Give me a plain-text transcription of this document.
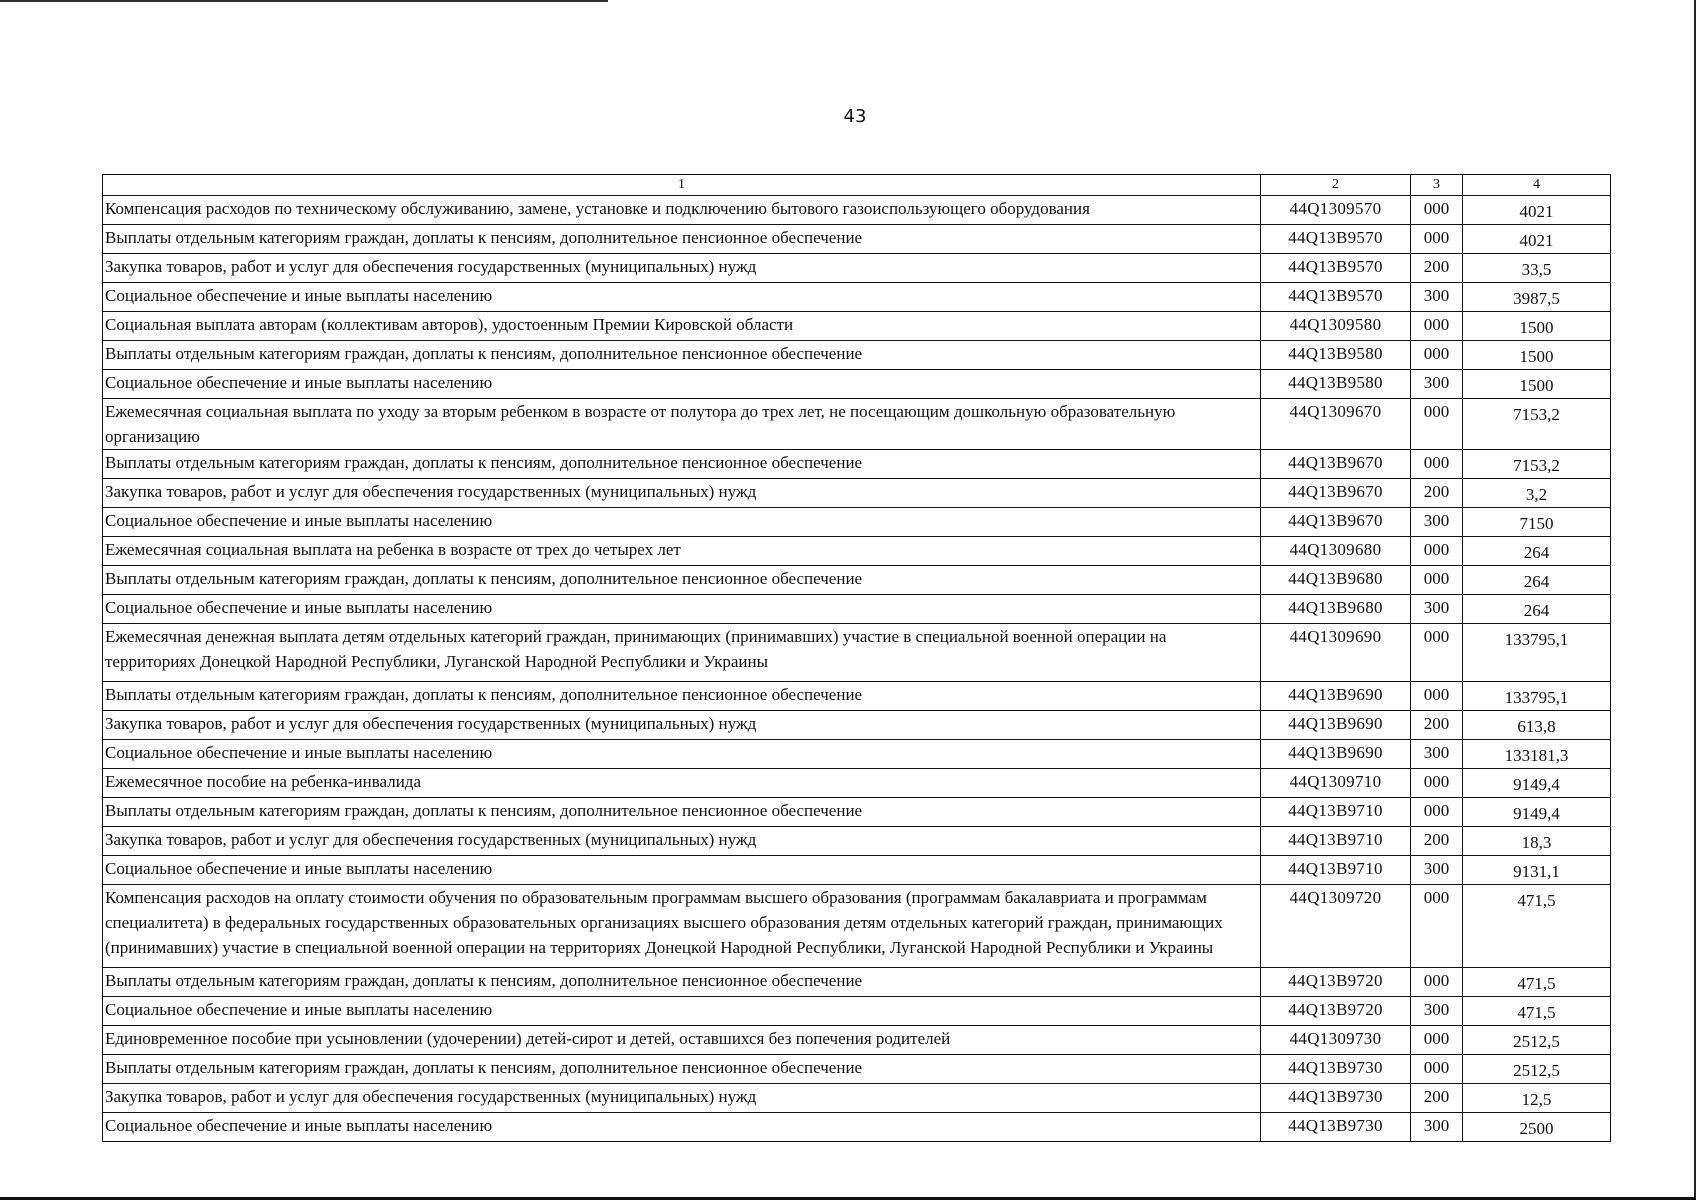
43
1	2	3	4
Компенсация расходов по техническому обслуживанию, замене, установке и подключению бытового газоиспользующего оборудования	44Q1309570	000	4021
Выплаты отдельным категориям граждан, доплаты к пенсиям, дополнительное пенсионное обеспечение	44Q13B9570	000	4021
Закупка товаров, работ и услуг для обеспечения государственных (муниципальных) нужд	44Q13B9570	200	33,5
Социальное обеспечение и иные выплаты населению	44Q13B9570	300	3987,5
Социальная выплата авторам (коллективам авторов), удостоенным Премии Кировской области	44Q1309580	000	1500
Выплаты отдельным категориям граждан, доплаты к пенсиям, дополнительное пенсионное обеспечение	44Q13B9580	000	1500
Социальное обеспечение и иные выплаты населению	44Q13B9580	300	1500
Ежемесячная социальная выплата по уходу за вторым ребенком в возрасте от полутора до трех лет, не посещающим дошкольную образовательную организацию	44Q1309670	000	7153,2
Выплаты отдельным категориям граждан, доплаты к пенсиям, дополнительное пенсионное обеспечение	44Q13B9670	000	7153,2
Закупка товаров, работ и услуг для обеспечения государственных (муниципальных) нужд	44Q13B9670	200	3,2
Социальное обеспечение и иные выплаты населению	44Q13B9670	300	7150
Ежемесячная социальная выплата на ребенка в возрасте от трех до четырех лет	44Q1309680	000	264
Выплаты отдельным категориям граждан, доплаты к пенсиям, дополнительное пенсионное обеспечение	44Q13B9680	000	264
Социальное обеспечение и иные выплаты населению	44Q13B9680	300	264
Ежемесячная денежная выплата детям отдельных категорий граждан, принимающих (принимавших) участие в специальной военной операции на территориях Донецкой Народной Республики, Луганской Народной Республики и Украины	44Q1309690	000	133795,1
Выплаты отдельным категориям граждан, доплаты к пенсиям, дополнительное пенсионное обеспечение	44Q13B9690	000	133795,1
Закупка товаров, работ и услуг для обеспечения государственных (муниципальных) нужд	44Q13B9690	200	613,8
Социальное обеспечение и иные выплаты населению	44Q13B9690	300	133181,3
Ежемесячное пособие на ребенка-инвалида	44Q1309710	000	9149,4
Выплаты отдельным категориям граждан, доплаты к пенсиям, дополнительное пенсионное обеспечение	44Q13B9710	000	9149,4
Закупка товаров, работ и услуг для обеспечения государственных (муниципальных) нужд	44Q13B9710	200	18,3
Социальное обеспечение и иные выплаты населению	44Q13B9710	300	9131,1
Компенсация расходов на оплату стоимости обучения по образовательным программам высшего образования (программам бакалавриата и программам специалитета) в федеральных государственных образовательных организациях высшего образования детям отдельных категорий граждан, принимающих (принимавших) участие в специальной военной операции на территориях Донецкой Народной Республики, Луганской Народной Республики и Украины	44Q1309720	000	471,5
Выплаты отдельным категориям граждан, доплаты к пенсиям, дополнительное пенсионное обеспечение	44Q13B9720	000	471,5
Социальное обеспечение и иные выплаты населению	44Q13B9720	300	471,5
Единовременное пособие при усыновлении (удочерении) детей-сирот и детей, оставшихся без попечения родителей	44Q1309730	000	2512,5
Выплаты отдельным категориям граждан, доплаты к пенсиям, дополнительное пенсионное обеспечение	44Q13B9730	000	2512,5
Закупка товаров, работ и услуг для обеспечения государственных (муниципальных) нужд	44Q13B9730	200	12,5
Социальное обеспечение и иные выплаты населению	44Q13B9730	300	2500
